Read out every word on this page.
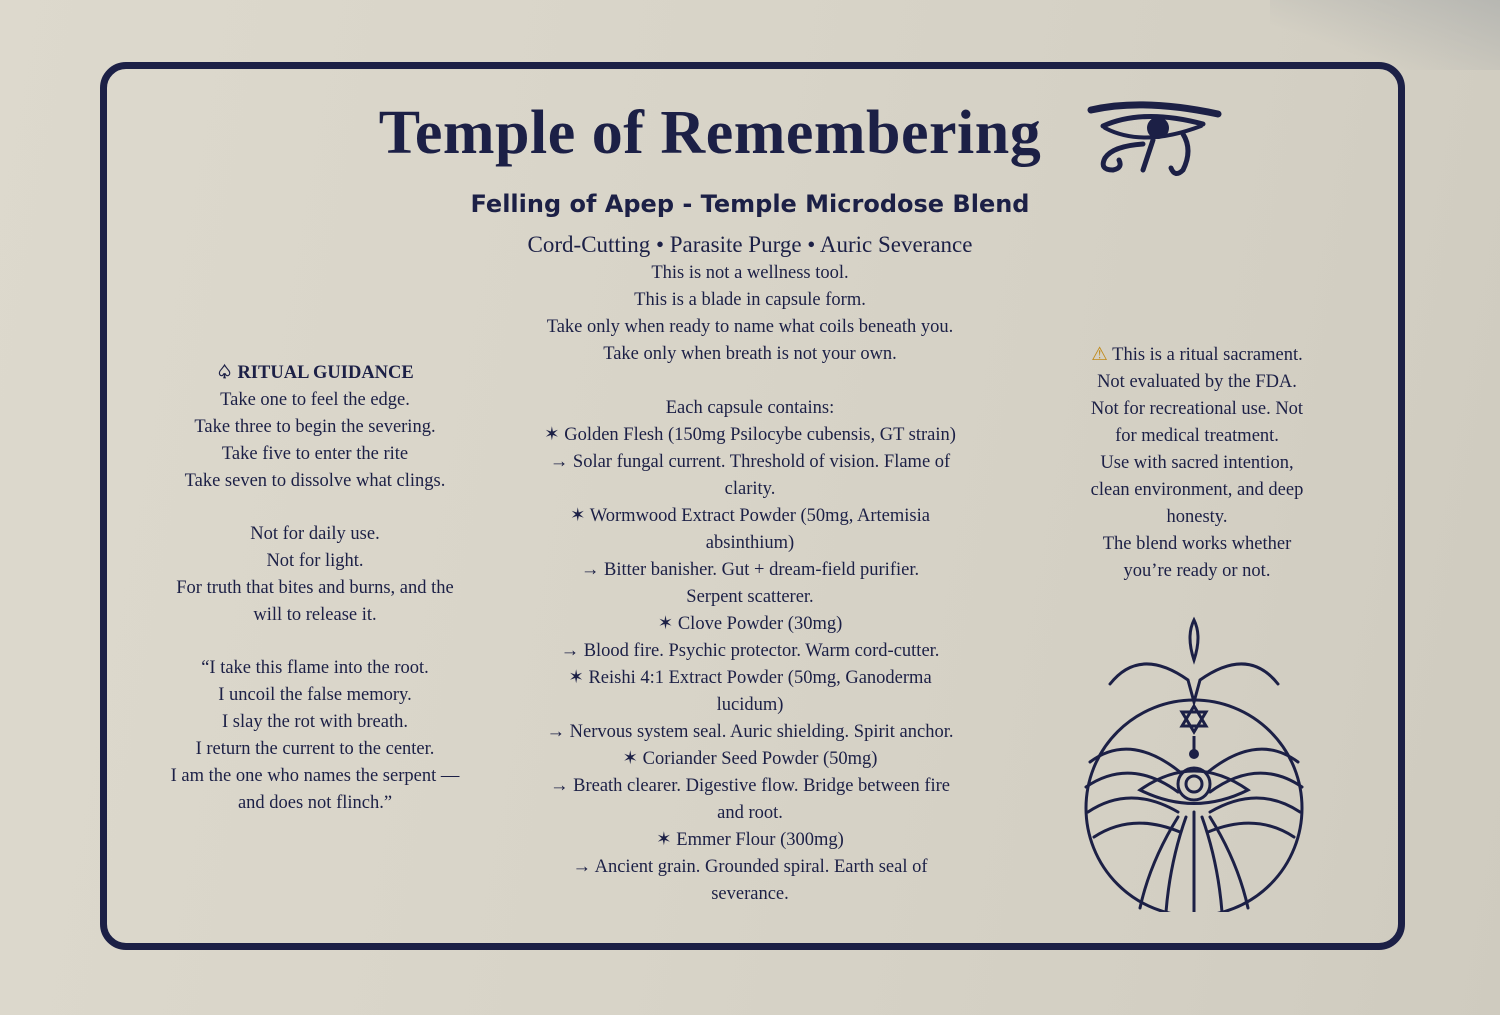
Temple of Remembering
Felling of Apep - Temple Microdose Blend
Cord-Cutting • Parasite Purge • Auric Severance
This is not a wellness tool.
This is a blade in capsule form.
Take only when ready to name what coils beneath you.
Take only when breath is not your own.
Each capsule contains:
✶ Golden Flesh (150mg Psilocybe cubensis, GT strain)
→ Solar fungal current. Threshold of vision. Flame of
clarity.
✶ Wormwood Extract Powder (50mg, Artemisia
absinthium)
→ Bitter banisher. Gut + dream-field purifier.
Serpent scatterer.
✶ Clove Powder (30mg)
→ Blood fire. Psychic protector. Warm cord-cutter.
✶ Reishi 4:1 Extract Powder (50mg, Ganoderma
lucidum)
→ Nervous system seal. Auric shielding. Spirit anchor.
✶ Coriander Seed Powder (50mg)
→ Breath clearer. Digestive flow. Bridge between fire
and root.
✶ Emmer Flour (300mg)
→ Ancient grain. Grounded spiral. Earth seal of
severance.
♤ RITUAL GUIDANCE
Take one to feel the edge.
Take three to begin the severing.
Take five to enter the rite
Take seven to dissolve what clings.
Not for daily use.
Not for light.
For truth that bites and burns, and the
will to release it.
“I take this flame into the root.
I uncoil the false memory.
I slay the rot with breath.
I return the current to the center.
I am the one who names the serpent —
and does not flinch.”
⚠ This is a ritual sacrament.
Not evaluated by the FDA.
Not for recreational use. Not
for medical treatment.
Use with sacred intention,
clean environment, and deep
honesty.
The blend works whether
you’re ready or not.
